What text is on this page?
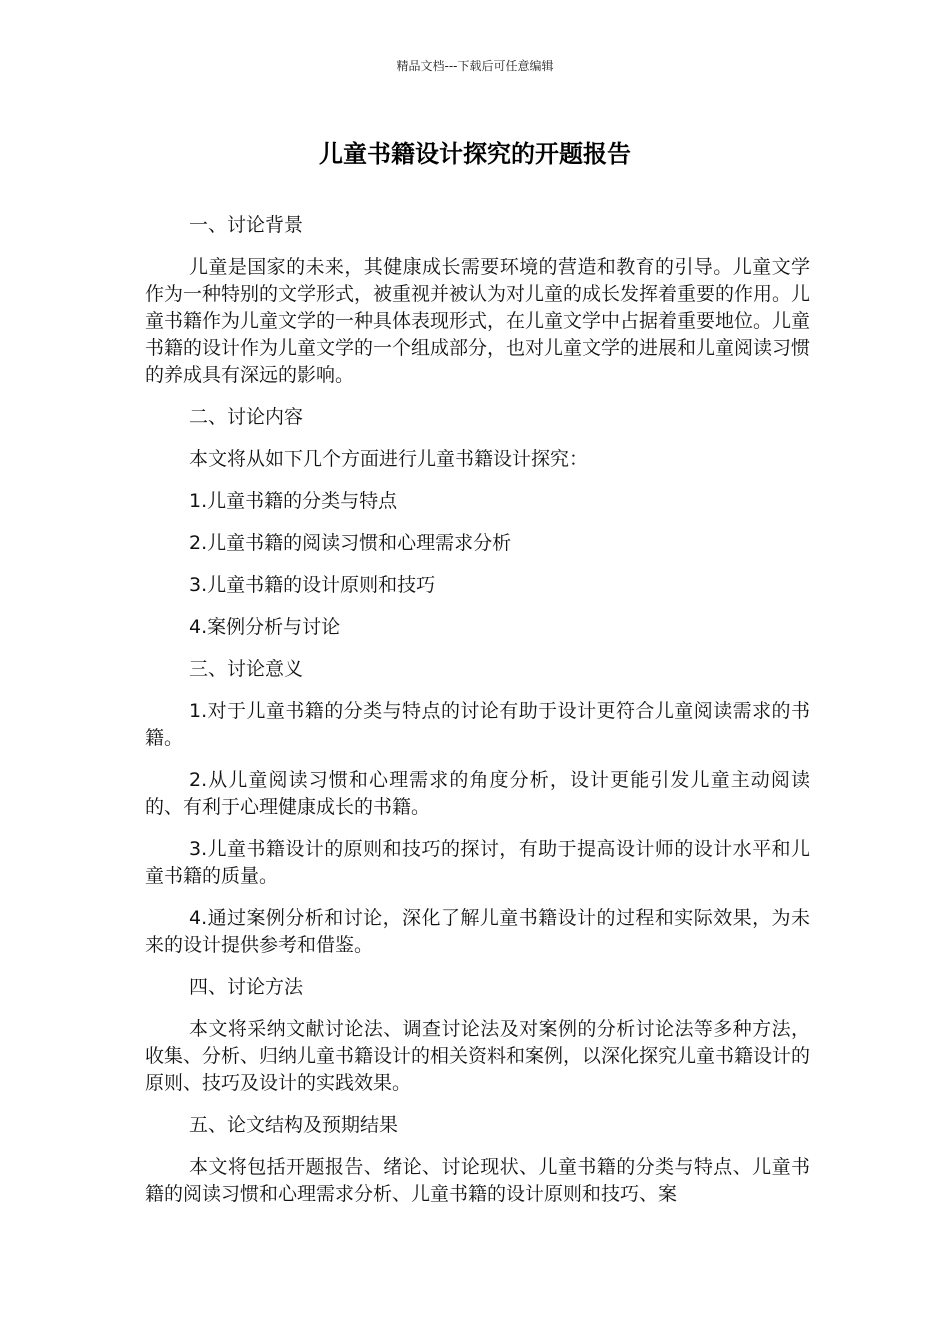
精品文档---下载后可任意编辑
儿童书籍设计探究的开题报告

一、讨论背景

儿童是国家的未来，其健康成长需要环境的营造和教育的引导。儿童文学作为一种特别的文学形式，被重视并被认为对儿童的成长发挥着重要的作用。儿童书籍作为儿童文学的一种具体表现形式，在儿童文学中占据着重要地位。儿童书籍的设计作为儿童文学的一个组成部分，也对儿童文学的进展和儿童阅读习惯的养成具有深远的影响。

二、讨论内容

本文将从如下几个方面进行儿童书籍设计探究：

1.儿童书籍的分类与特点

2.儿童书籍的阅读习惯和心理需求分析

3.儿童书籍的设计原则和技巧

4.案例分析与讨论

三、讨论意义

1.对于儿童书籍的分类与特点的讨论有助于设计更符合儿童阅读需求的书籍。

2.从儿童阅读习惯和心理需求的角度分析，设计更能引发儿童主动阅读的、有利于心理健康成长的书籍。

3.儿童书籍设计的原则和技巧的探讨，有助于提高设计师的设计水平和儿童书籍的质量。

4.通过案例分析和讨论，深化了解儿童书籍设计的过程和实际效果，为未来的设计提供参考和借鉴。

四、讨论方法

本文将采纳文献讨论法、调查讨论法及对案例的分析讨论法等多种方法，收集、分析、归纳儿童书籍设计的相关资料和案例，以深化探究儿童书籍设计的原则、技巧及设计的实践效果。

五、论文结构及预期结果

本文将包括开题报告、绪论、讨论现状、儿童书籍的分类与特点、儿童书籍的阅读习惯和心理需求分析、儿童书籍的设计原则和技巧、案
